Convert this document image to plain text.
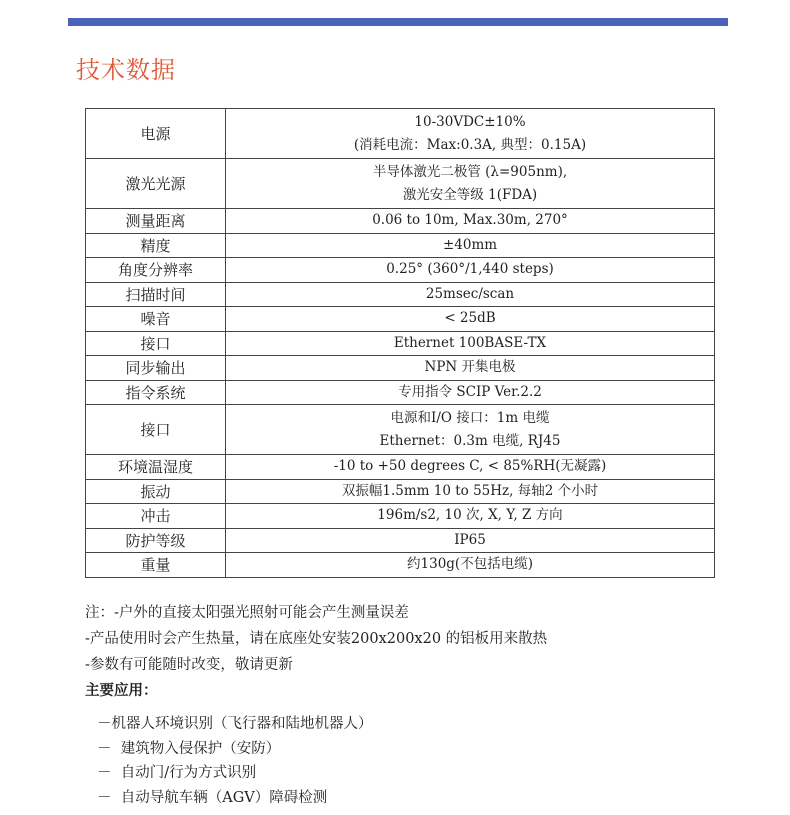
技术数据
电源	10-30VDC±10%
(消耗电流：Max:0.3A, 典型：0.15A)

激光光源	半导体激光二极管 (λ=905nm),
激光安全等级 1(FDA)

测量距离	0.06 to 10m, Max.30m, 270°

精度	±40mm

角度分辨率	0.25° (360°/1,440 steps)

扫描时间	25msec/scan

噪音	< 25dB

接口	Ethernet 100BASE-TX

同步输出	NPN 开集电极

指令系统	专用指令 SCIP Ver.2.2

接口	电源和I/O 接口：1m 电缆
Ethernet：0.3m 电缆, RJ45

环境温湿度	-10 to +50 degrees C, < 85%RH(无凝露)

振动	双振幅1.5mm 10 to 55Hz, 每轴2 个小时

冲击	196m/s2, 10 次, X, Y, Z 方向

防护等级	IP65

重量	约130g(不包括电缆)
注：-户外的直接太阳强光照射可能会产生测量误差
-产品使用时会产生热量，请在底座处安装200x200x20 的铝板用来散热
-参数有可能随时改变，敬请更新
主要应用：
－机器人环境识别（飞行器和陆地机器人）
－  建筑物入侵保护（安防）
－  自动门/行为方式识别
－  自动导航车辆（AGV）障碍检测
